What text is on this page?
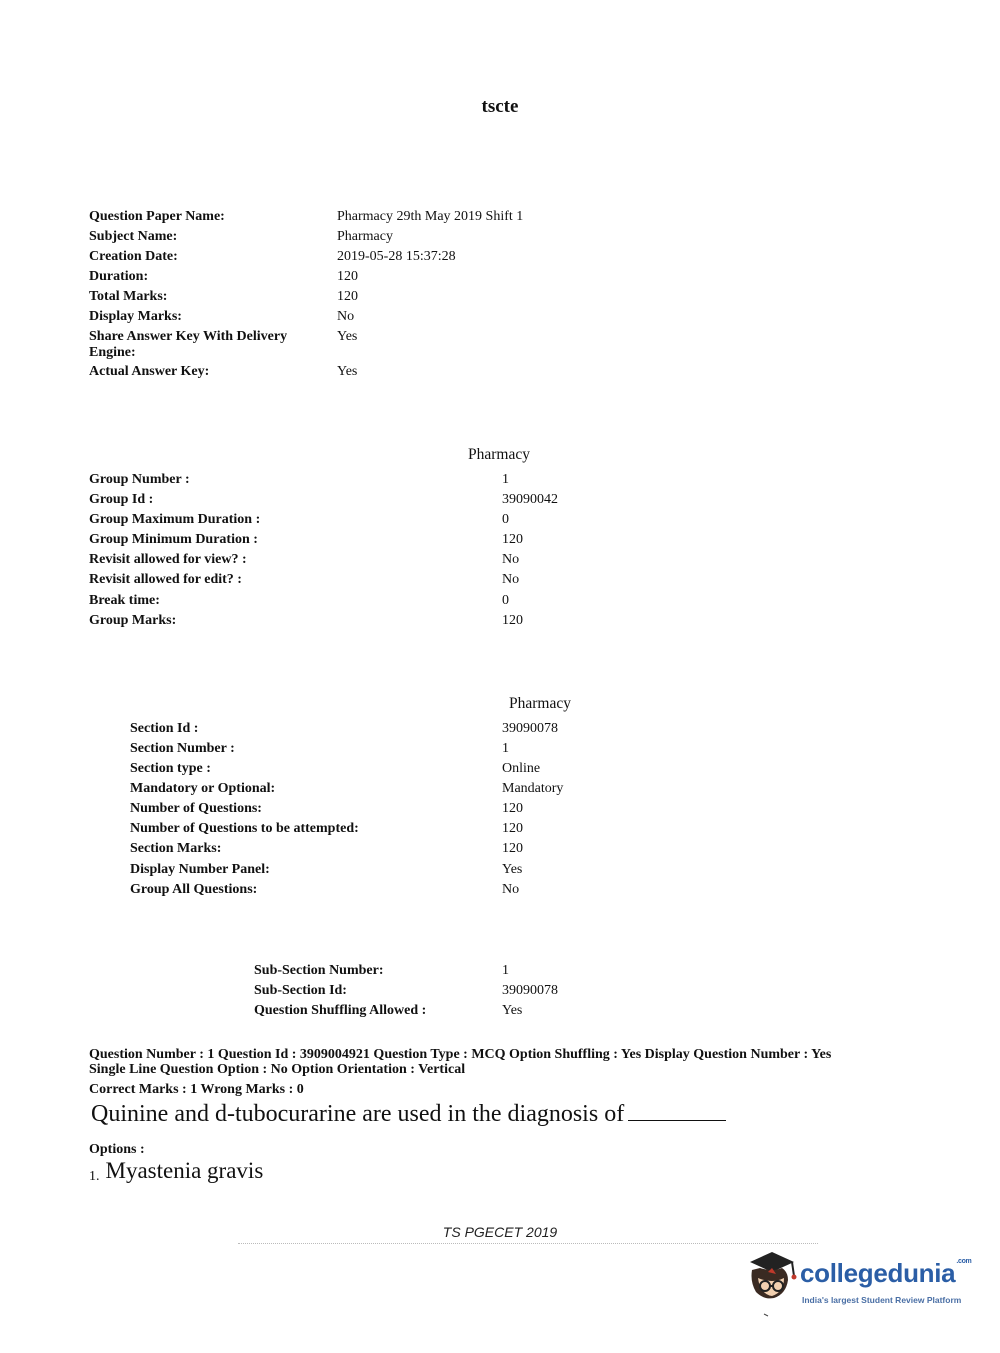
tscte
Question Paper Name:	Pharmacy 29th May 2019 Shift 1
Subject Name:	Pharmacy
Creation Date:	2019-05-28 15:37:28
Duration:	120
Total Marks:	120
Display Marks:	No
Share Answer Key With Delivery Engine:
Yes
Actual Answer Key:	Yes
Pharmacy
Group Number :	1
Group Id :	39090042
Group Maximum Duration :	0
Group Minimum Duration :	120
Revisit allowed for view? :	No
Revisit allowed for edit? :	No
Break time:	0
Group Marks:	120
Pharmacy
Section Id :	39090078
Section Number :	1
Section type :	Online
Mandatory or Optional:	Mandatory
Number of Questions:	120
Number of Questions to be attempted:	120
Section Marks:	120
Display Number Panel:	Yes
Group All Questions:	No
Sub-Section Number:	1
Sub-Section Id:	39090078
Question Shuffling Allowed :	Yes
Question Number : 1 Question Id : 3909004921 Question Type : MCQ Option Shuffling : Yes Display Question Number : Yes
Single Line Question Option : No Option Orientation : Vertical
Correct Marks : 1 Wrong Marks : 0
Quinine and d-tubocurarine are used in the diagnosis of
Options :
1. Myastenia gravis
TS PGECET 2019
collegedunia$^{.com}$
India's largest Student Review Platform
